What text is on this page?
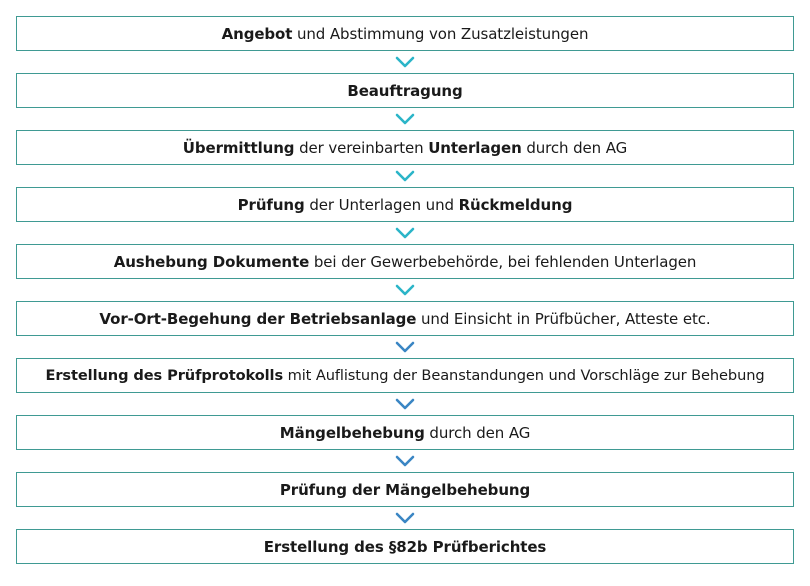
Angebot und Abstimmung von Zusatzleistungen
Beauftragung
Übermittlung der vereinbarten Unterlagen durch den AG
Prüfung der Unterlagen und Rückmeldung
Aushebung Dokumente bei der Gewerbebehörde, bei fehlenden Unterlagen
Vor-Ort-Begehung der Betriebsanlage und Einsicht in Prüfbücher, Atteste etc.
Erstellung des Prüfprotokolls mit Auflistung der Beanstandungen und Vorschläge zur Behebung
Mängelbehebung durch den AG
Prüfung der Mängelbehebung
Erstellung des §82b Prüfberichtes
